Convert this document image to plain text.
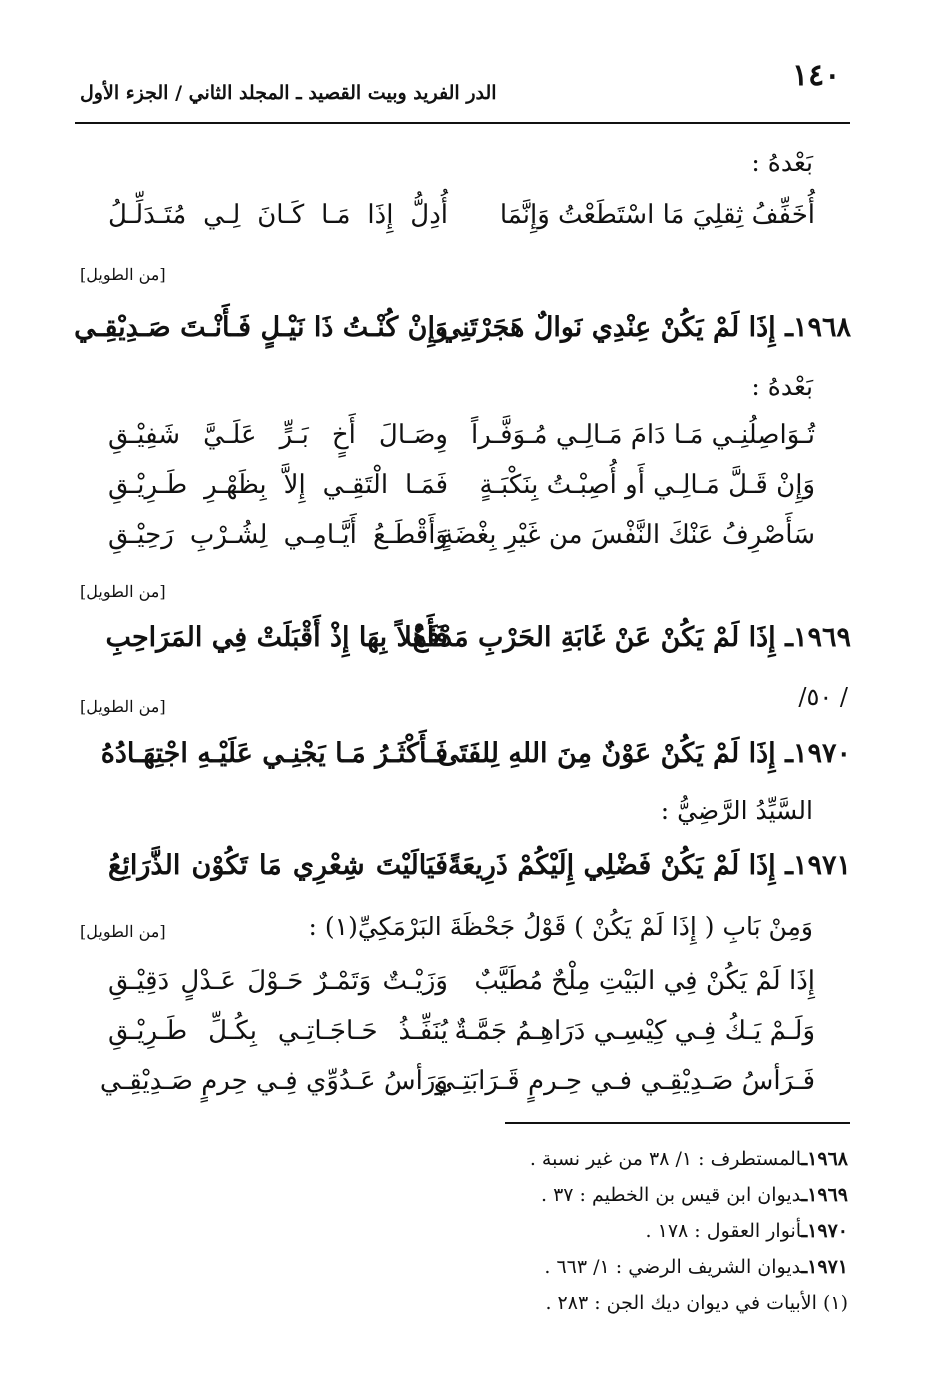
١٤٠
الدر الفريد وبيت القصيد ـ المجلد الثاني / الجزء الأول
بَعْدهُ :
أُخَفِّفُ ثِقلِيَ مَا اسْتَطَعْتُ وَإِنَّمَا
أُدِلُّ إِذَا مَـا كَـانَ لِـي مُتَـدَلِّـلُ
[من الطويل]
١٩٦٨ـ إِذَا لَمْ يَكُنْ عِنْدِي نَوالٌ هَجَرْتَنِي
وَإِنْ كُنْـتُ ذَا نَيْـلٍ فَـأَنْـتَ صَـدِيْقِـي
بَعْدهُ :
تُـوَاصِلُنِـي مَـا دَامَ مَـالِـي مُـوَفَّـراً
وِصَـالَ أَخٍ بَـرٍّ عَلَـيَّ شَفِيْـقِ
وَإِنْ قَـلَّ مَـالِـي أَو أُصِبْـتُ بِنَكْبَـةٍ
فَمَـا الْتَقِـي إِلاَّ بِظَهْـرِ طَـرِيْـقِ
سَأَصْرِفُ عَنْكَ النَّفْسَ من غَيْرِ بِغْضَةٍ
وَأَقْطَـعُ أَيَّـامِـي لِشُـرْبِ رَحِيْـقِ
[من الطويل]
١٩٦٩ـ إِذَا لَمْ يَكُنْ عَنْ غَابَةِ الحَرْبِ مَدْفَعٌ
فَأَهْلاً بِهَا إِذْ أَقْبَلَتْ فِي المَرَاحِبِ
/ ٥٠/
[من الطويل]
١٩٧٠ـ إِذَا لَمْ يَكُنْ عَوْنٌ مِنَ اللهِ لِلفَتَى
فَـأَكْثَـرُ مَـا يَجْنِـي عَلَيْـهِ اجْتِهَـادُهُ
السَّيِّدُ الرَّضِيُّ :
١٩٧١ـ إِذَا لَمْ يَكُنْ فَضْلِي إِلَيْكُمْ ذَرِيعَةً
فَيَالَيْتَ شِعْرِي مَا تَكُوْن الذَّرَائِعُ
وَمِنْ بَابِ ( إِذَا لَمْ يَكُنْ ) قَوْلُ جَحْظَةَ البَرْمَكِيِّ(١) :
[من الطويل]
إِذَا لَمْ يَكُنْ فِي البَيْتِ مِلْحٌ مُطَيَّبٌ
وَزَيْـتٌ وَتَمْـرٌ حَـوْلَ عَـدْلٍ دَقِيْـقِ
وَلَـمْ يَـكُ فِـي كِيْسِـي دَرَاهِـمُ جَمَّـةٌ
يُنَفِّـذُ حَـاجَـاتِـي بِكُـلِّ طَـرِيْـقِ
فَـرَأسُ صَـدِيْقِـي فـي حِـرمٍ قَـرَابَتِـي
وَرَأسُ عَـدُوِّي فِـي حِرمٍ صَـدِيْقِـي
١٩٦٨ـالمستطرف : ١/ ٣٨ من غير نسبة .
١٩٦٩ـديوان ابن قيس بن الخطيم : ٣٧ .
١٩٧٠ـأنوار العقول : ١٧٨ .
١٩٧١ـديوان الشريف الرضي : ١/ ٦٦٣ .
(١) الأبيات في ديوان ديك الجن : ٢٨٣ .
